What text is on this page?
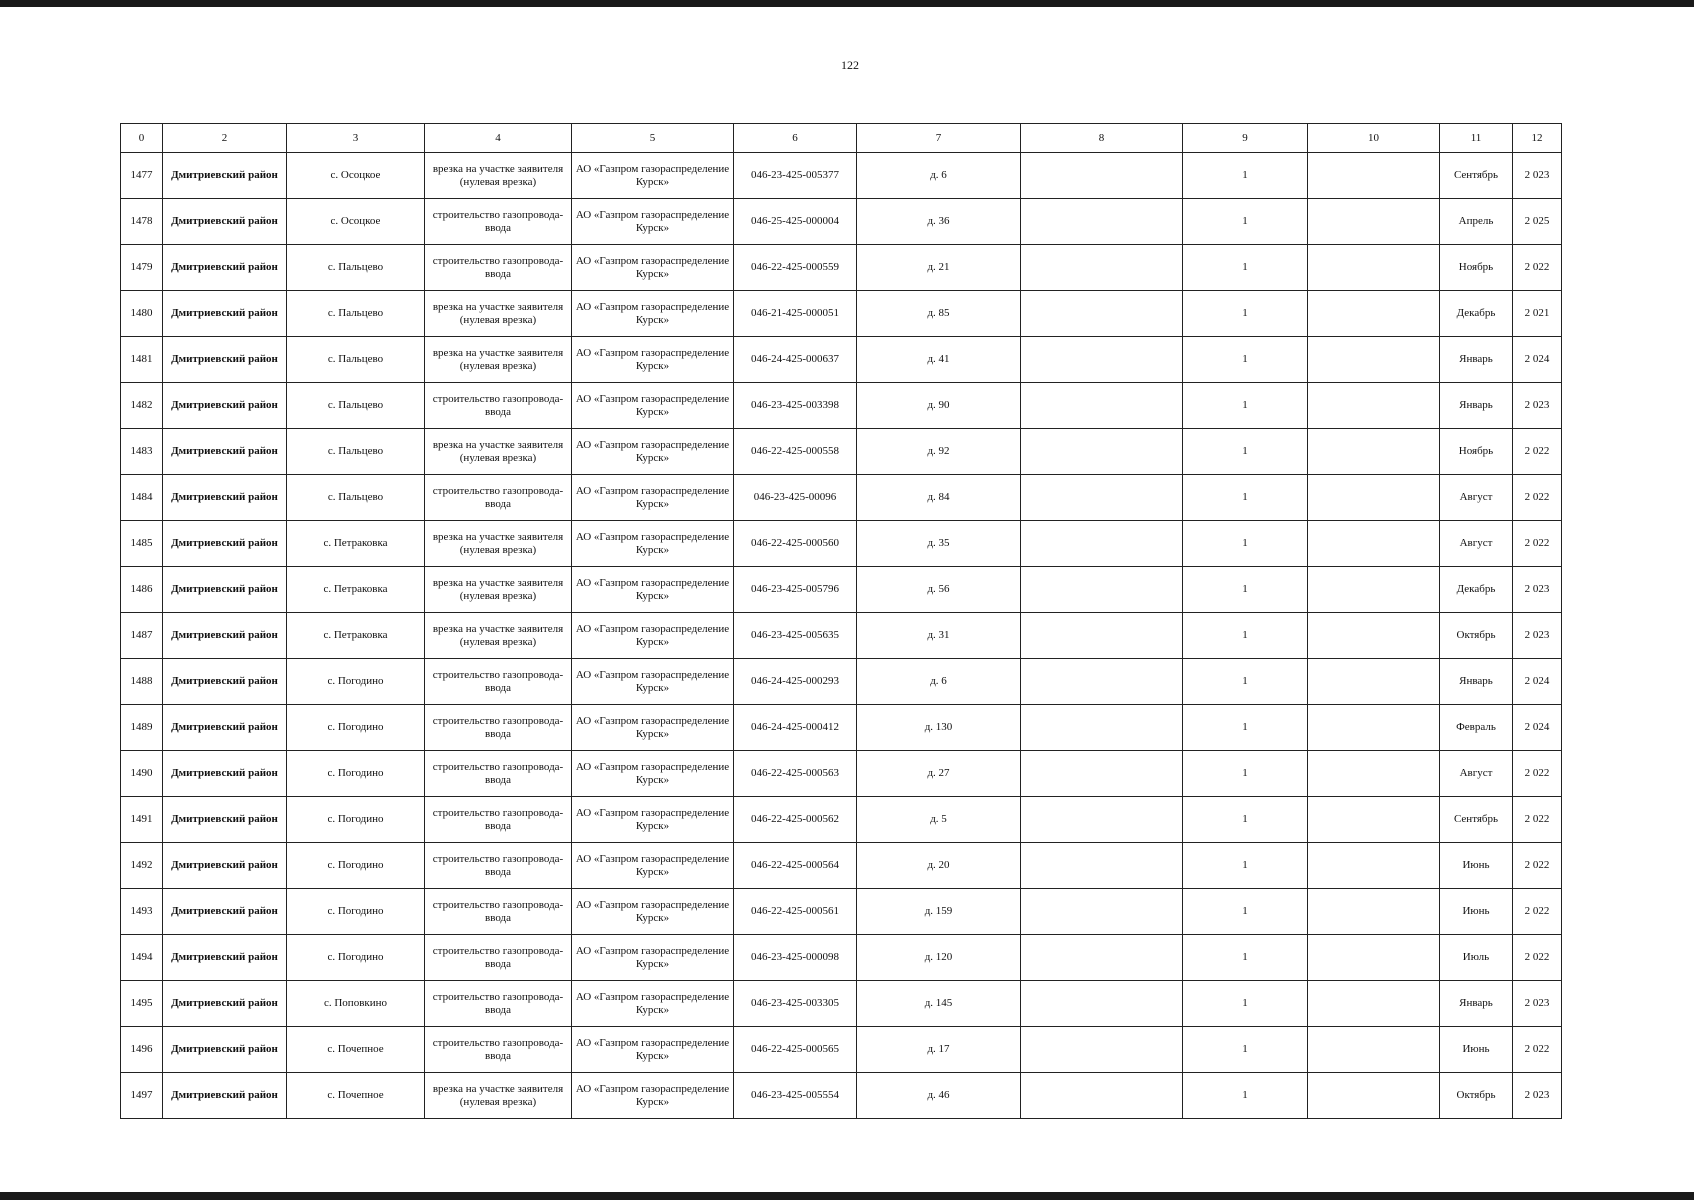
122
0	2	3	4	5	6	7	8	9	10	11	12
1477	Дмитриевский район	с. Осоцкое	врезка на участке заявителя (нулевая врезка)	АО «Газпром газораспределение Курск»	046-23-425-005377	д. 6		1		Сентябрь	2 023
1478	Дмитриевский район	с. Осоцкое	строительство газопровода-ввода	АО «Газпром газораспределение Курск»	046-25-425-000004	д. 36		1		Апрель	2 025
1479	Дмитриевский район	с. Пальцево	строительство газопровода-ввода	АО «Газпром газораспределение Курск»	046-22-425-000559	д. 21		1		Ноябрь	2 022
1480	Дмитриевский район	с. Пальцево	врезка на участке заявителя (нулевая врезка)	АО «Газпром газораспределение Курск»	046-21-425-000051	д. 85		1		Декабрь	2 021
1481	Дмитриевский район	с. Пальцево	врезка на участке заявителя (нулевая врезка)	АО «Газпром газораспределение Курск»	046-24-425-000637	д. 41		1		Январь	2 024
1482	Дмитриевский район	с. Пальцево	строительство газопровода-ввода	АО «Газпром газораспределение Курск»	046-23-425-003398	д. 90		1		Январь	2 023
1483	Дмитриевский район	с. Пальцево	врезка на участке заявителя (нулевая врезка)	АО «Газпром газораспределение Курск»	046-22-425-000558	д. 92		1		Ноябрь	2 022
1484	Дмитриевский район	с. Пальцево	строительство газопровода-ввода	АО «Газпром газораспределение Курск»	046-23-425-00096	д. 84		1		Август	2 022
1485	Дмитриевский район	с. Петраковка	врезка на участке заявителя (нулевая врезка)	АО «Газпром газораспределение Курск»	046-22-425-000560	д. 35		1		Август	2 022
1486	Дмитриевский район	с. Петраковка	врезка на участке заявителя (нулевая врезка)	АО «Газпром газораспределение Курск»	046-23-425-005796	д. 56		1		Декабрь	2 023
1487	Дмитриевский район	с. Петраковка	врезка на участке заявителя (нулевая врезка)	АО «Газпром газораспределение Курск»	046-23-425-005635	д. 31		1		Октябрь	2 023
1488	Дмитриевский район	с. Погодино	строительство газопровода-ввода	АО «Газпром газораспределение Курск»	046-24-425-000293	д. 6		1		Январь	2 024
1489	Дмитриевский район	с. Погодино	строительство газопровода-ввода	АО «Газпром газораспределение Курск»	046-24-425-000412	д. 130		1		Февраль	2 024
1490	Дмитриевский район	с. Погодино	строительство газопровода-ввода	АО «Газпром газораспределение Курск»	046-22-425-000563	д. 27		1		Август	2 022
1491	Дмитриевский район	с. Погодино	строительство газопровода-ввода	АО «Газпром газораспределение Курск»	046-22-425-000562	д. 5		1		Сентябрь	2 022
1492	Дмитриевский район	с. Погодино	строительство газопровода-ввода	АО «Газпром газораспределение Курск»	046-22-425-000564	д. 20		1		Июнь	2 022
1493	Дмитриевский район	с. Погодино	строительство газопровода-ввода	АО «Газпром газораспределение Курск»	046-22-425-000561	д. 159		1		Июнь	2 022
1494	Дмитриевский район	с. Погодино	строительство газопровода-ввода	АО «Газпром газораспределение Курск»	046-23-425-000098	д. 120		1		Июль	2 022
1495	Дмитриевский район	с. Поповкино	строительство газопровода-ввода	АО «Газпром газораспределение Курск»	046-23-425-003305	д. 145		1		Январь	2 023
1496	Дмитриевский район	с. Почепное	строительство газопровода-ввода	АО «Газпром газораспределение Курск»	046-22-425-000565	д. 17		1		Июнь	2 022
1497	Дмитриевский район	с. Почепное	врезка на участке заявителя (нулевая врезка)	АО «Газпром газораспределение Курск»	046-23-425-005554	д. 46		1		Октябрь	2 023
